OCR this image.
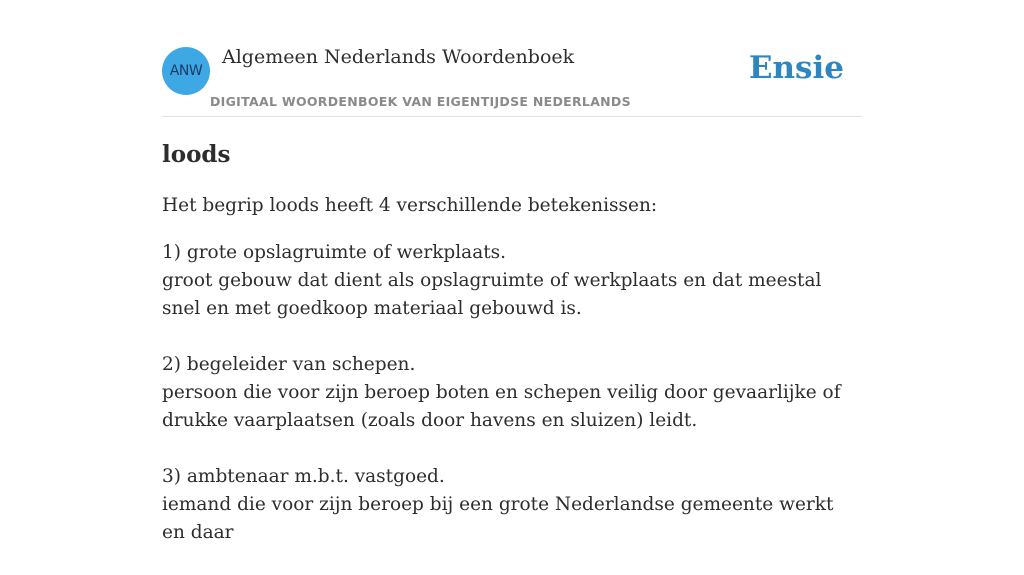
ANW
Algemeen Nederlands Woordenboek
DIGITAAL WOORDENBOEK VAN EIGENTIJDSE NEDERLANDS
Ensie
loods

Het begrip loods heeft 4 verschillende betekenissen:

1) grote opslagruimte of werkplaats.
groot gebouw dat dient als opslagruimte of werkplaats en dat meestal snel en met goedkoop materiaal gebouwd is.

2) begeleider van schepen.
persoon die voor zijn beroep boten en schepen veilig door gevaarlijke of drukke vaarplaatsen (zoals door havens en sluizen) leidt.

3) ambtenaar m.b.t. vastgoed.
iemand die voor zijn beroep bij een grote Nederlandse gemeente werkt en daar
